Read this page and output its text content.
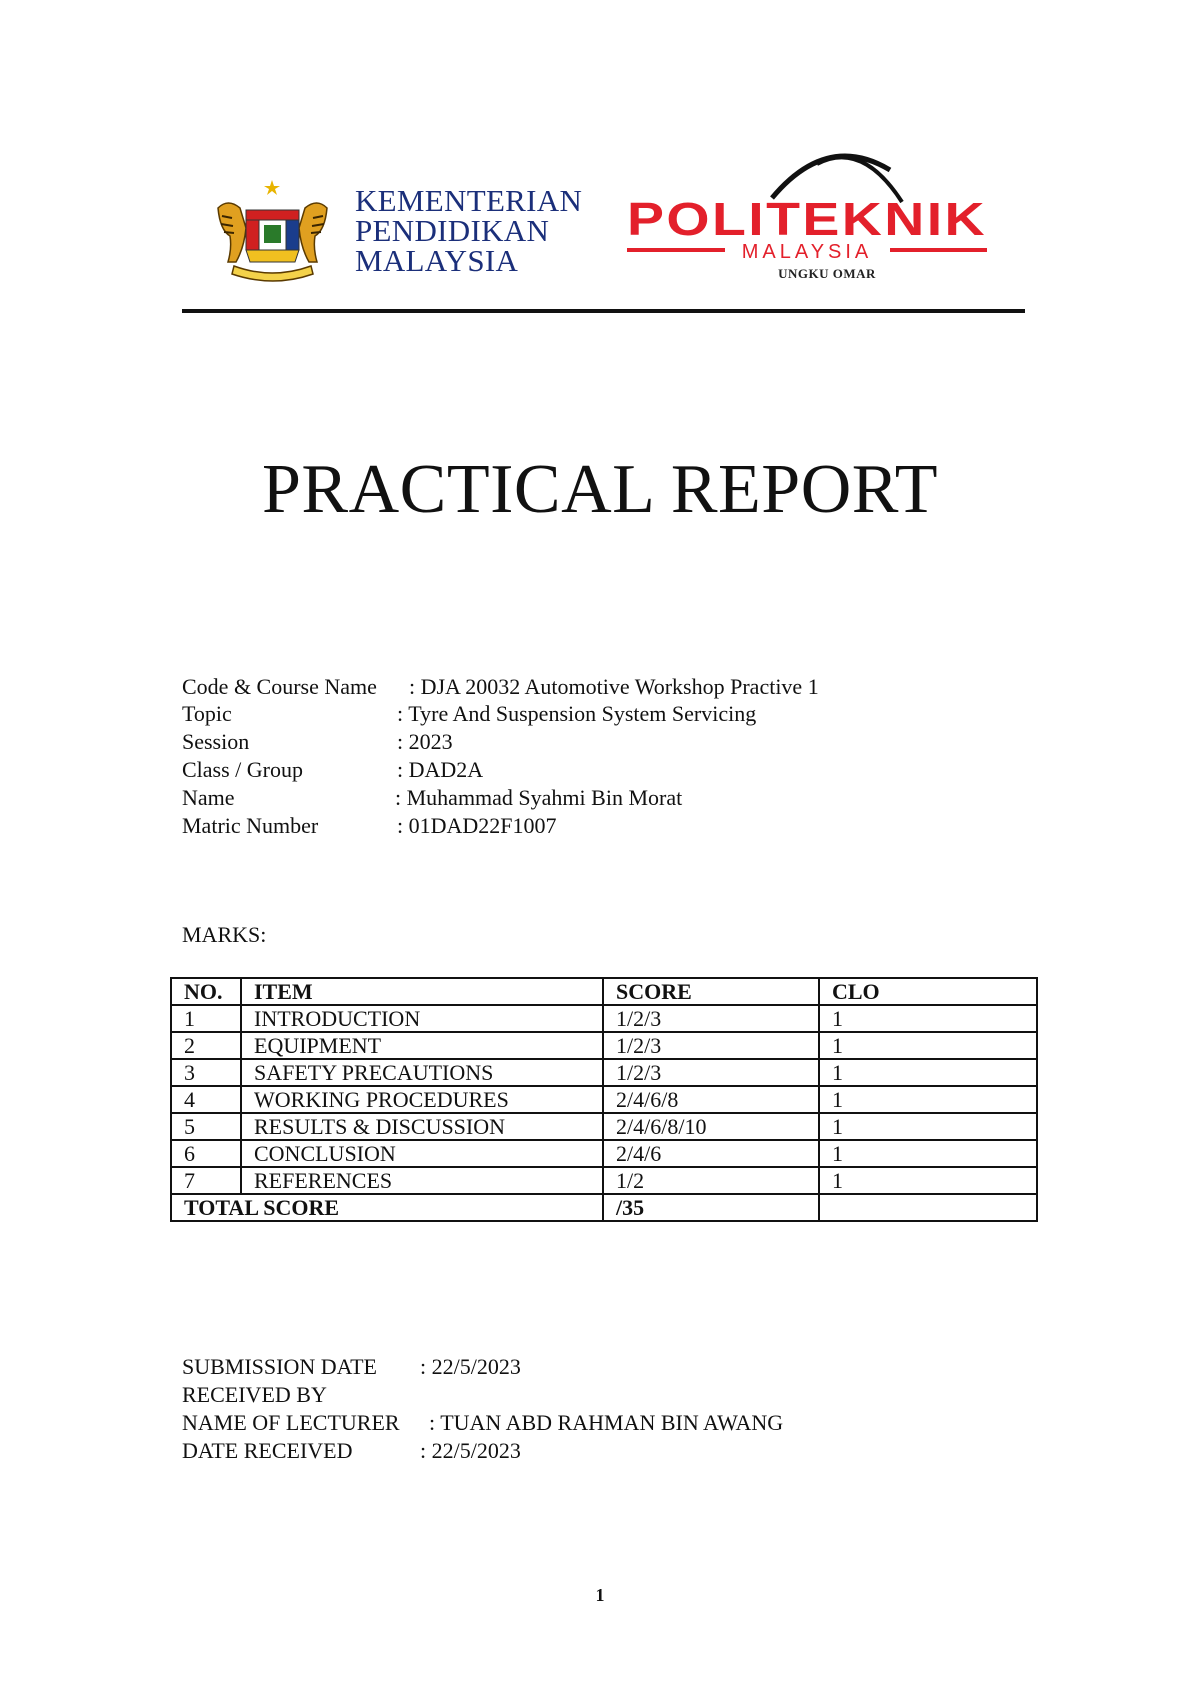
KEMENTERIAN
PENDIDIKAN
MALAYSIA
POLITEKNIK
MALAYSIA
UNGKU OMAR
PRACTICAL REPORT
Code & Course Name : DJA 20032 Automotive Workshop Practive 1
Topic	: Tyre And Suspension System Servicing
Session	: 2023
Class / Group	: DAD2A
Name	: Muhammad Syahmi Bin Morat
Matric Number	: 01DAD22F1007
MARKS:
NO.	ITEM	SCORE	CLO
1	INTRODUCTION	1/2/3	1
2	EQUIPMENT	1/2/3	1
3	SAFETY PRECAUTIONS	1/2/3	1
4	WORKING PROCEDURES	2/4/6/8	1
5	RESULTS & DISCUSSION	2/4/6/8/10	1
6	CONCLUSION	2/4/6	1
7	REFERENCES	1/2	1
TOTAL SCORE		/35	
SUBMISSION DATE : 22/5/2023
RECEIVED BY
NAME OF LECTURER : TUAN ABD RAHMAN BIN AWANG
DATE RECEIVED	: 22/5/2023
1
